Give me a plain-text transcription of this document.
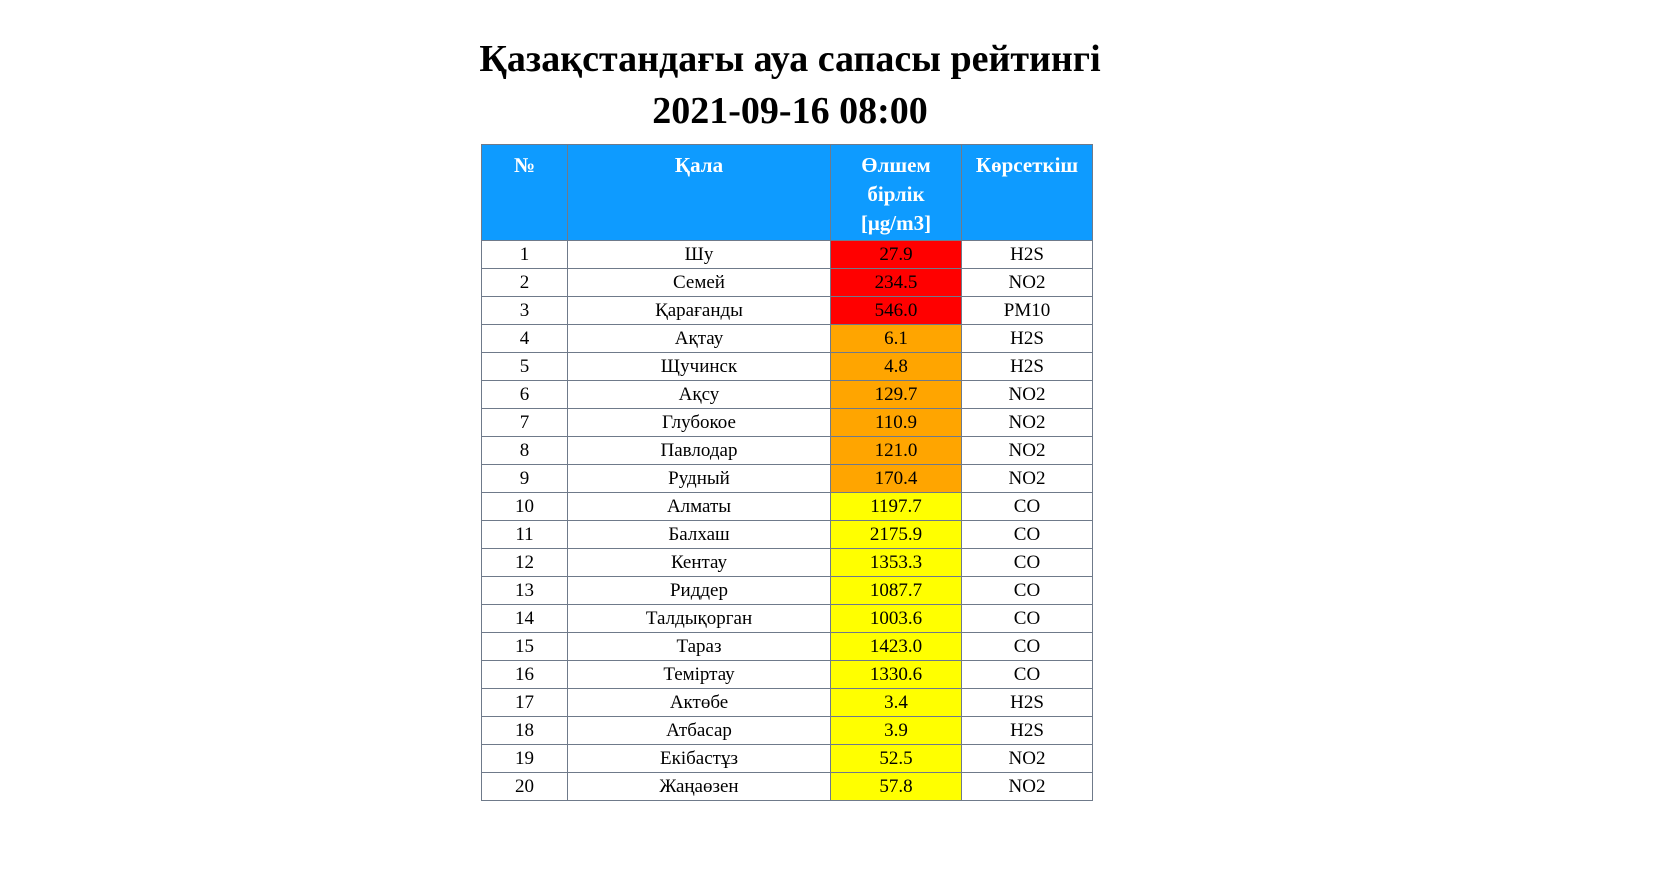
Қазақстандағы ауа сапасы рейтингі
2021-09-16 08:00
№	Қала	Өлшем
бірлік
[μg/m3]	Көрсеткіш
1	Шу	27.9	H2S
2	Семей	234.5	NO2
3	Қарағанды	546.0	PM10
4	Ақтау	6.1	H2S
5	Щучинск	4.8	H2S
6	Ақсу	129.7	NO2
7	Глубокое	110.9	NO2
8	Павлодар	121.0	NO2
9	Рудный	170.4	NO2
10	Алматы	1197.7	CO
11	Балхаш	2175.9	CO
12	Кентау	1353.3	CO
13	Риддер	1087.7	CO
14	Талдықорган	1003.6	CO
15	Тараз	1423.0	CO
16	Теміртау	1330.6	CO
17	Актөбе	3.4	H2S
18	Атбасар	3.9	H2S
19	Екібастұз	52.5	NO2
20	Жаңаөзен	57.8	NO2
